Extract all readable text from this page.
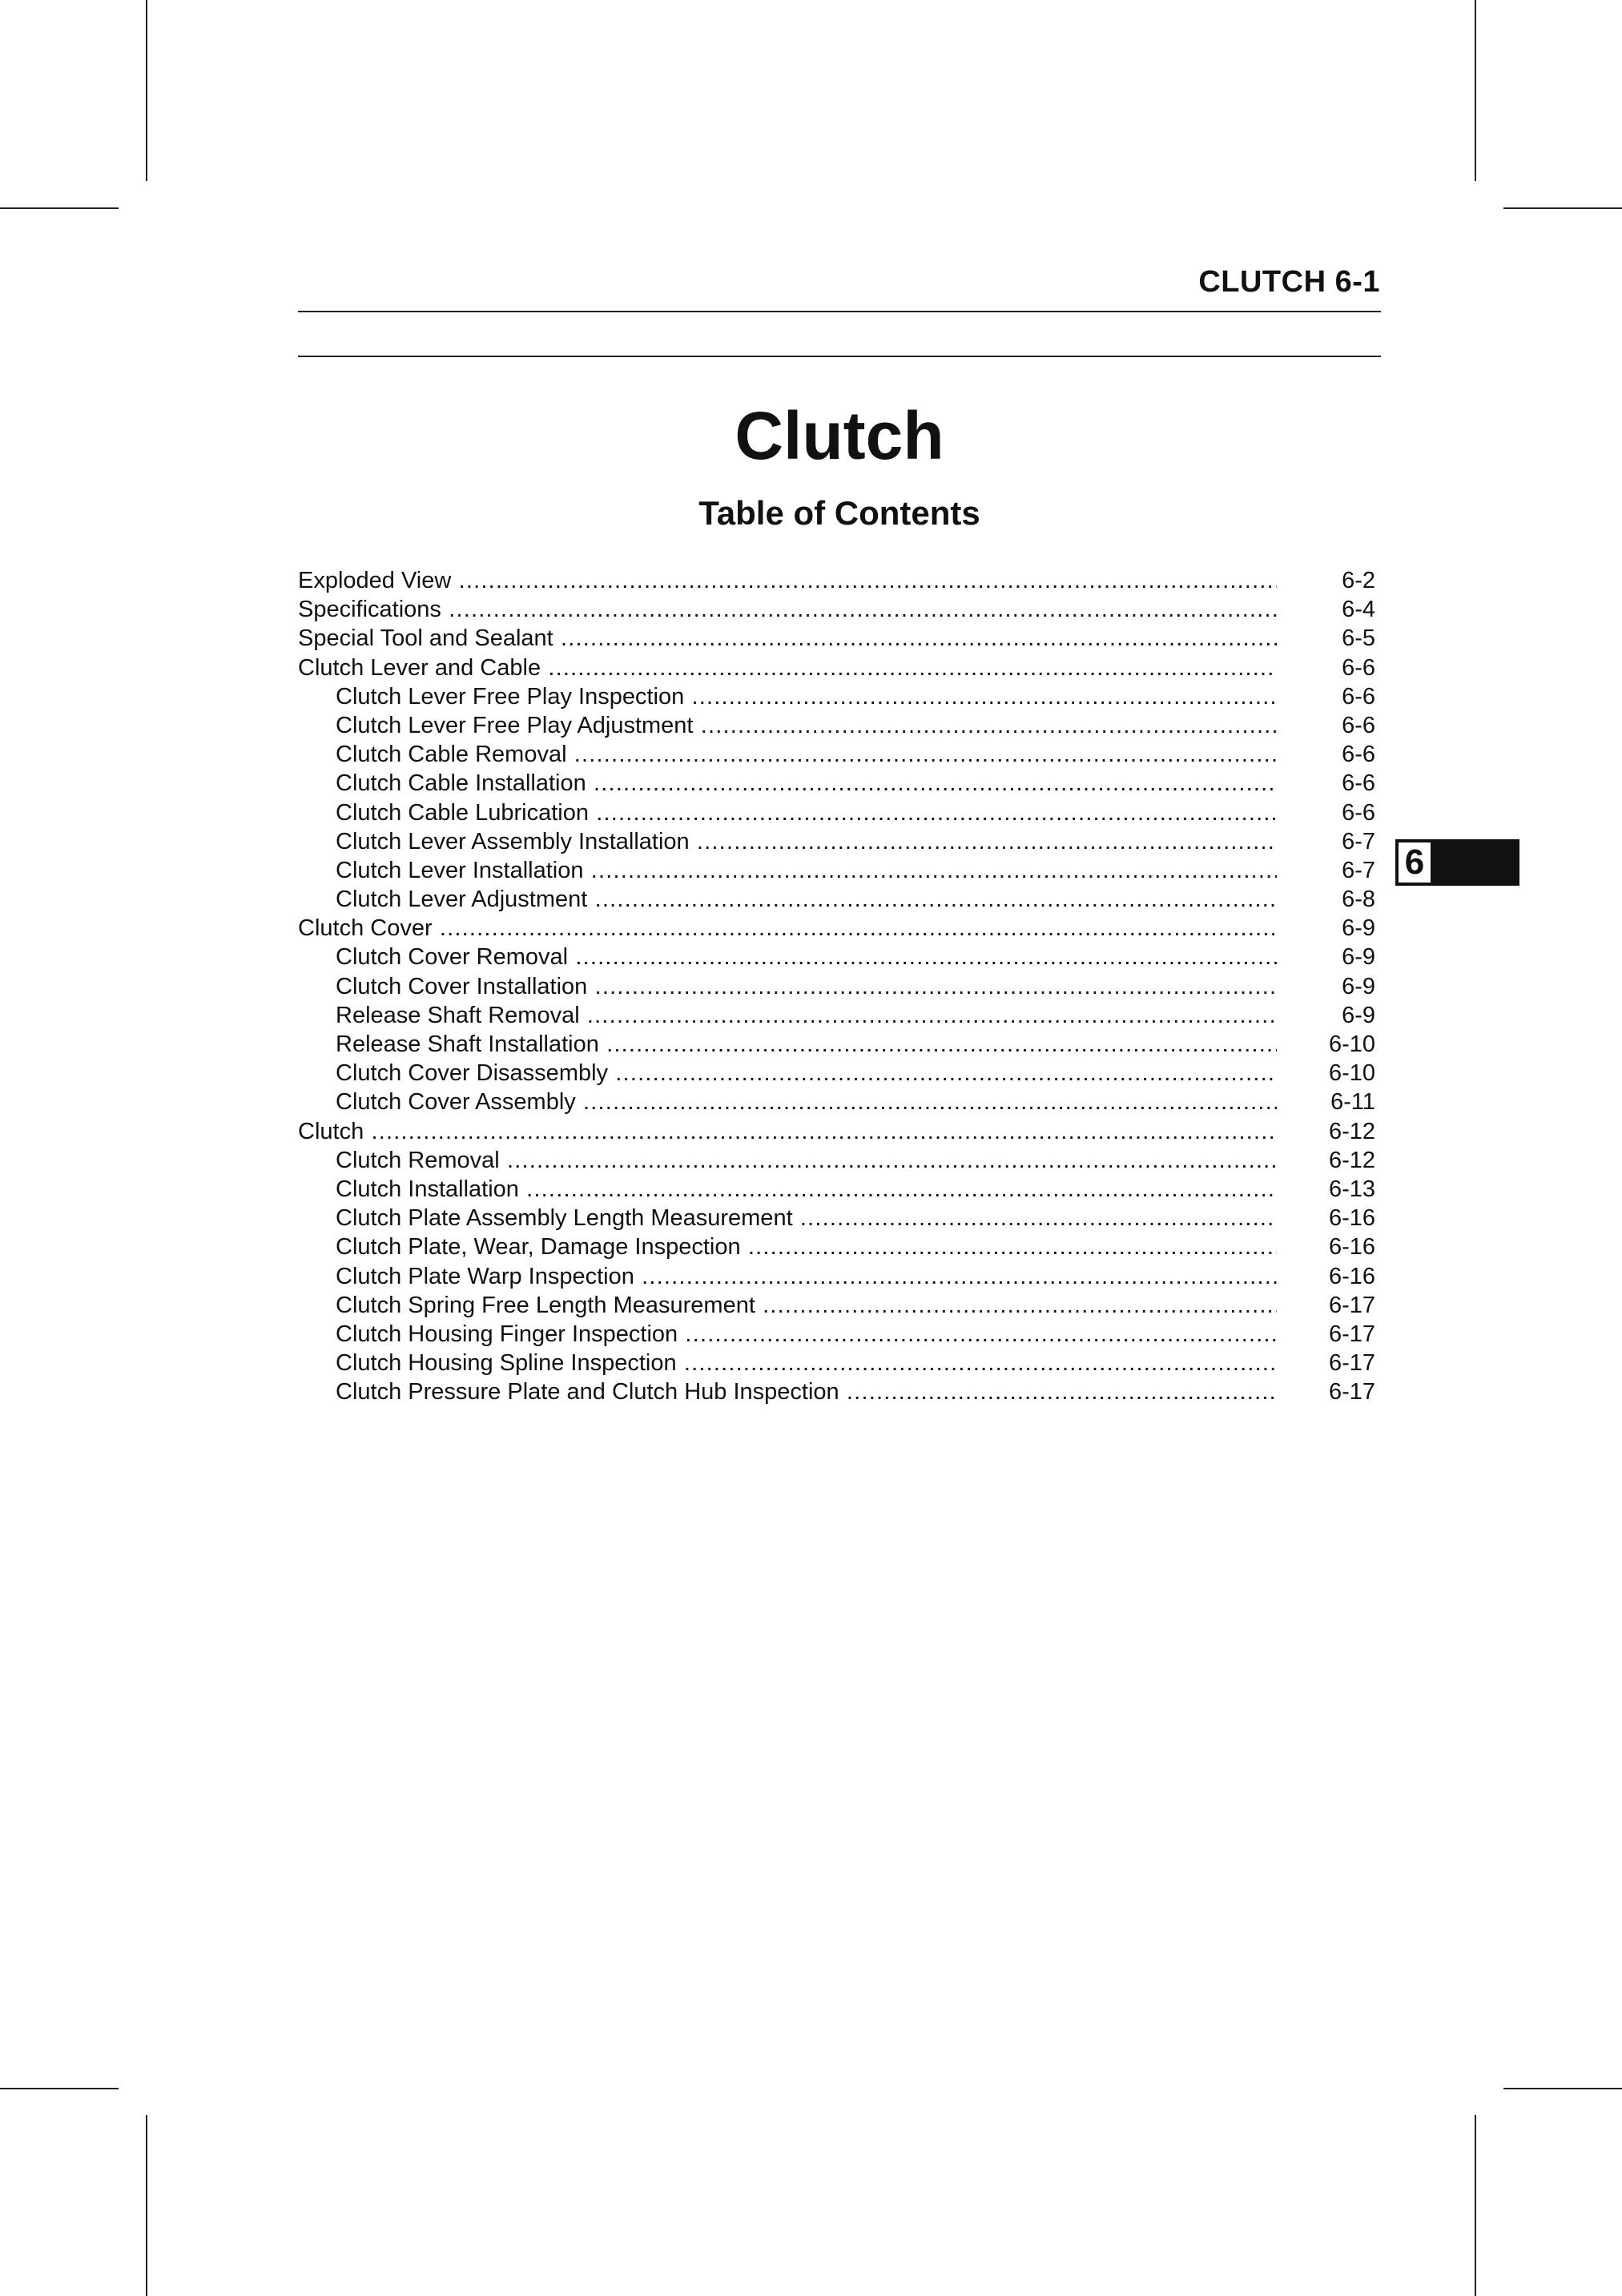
CLUTCH 6-1
Clutch
Table of Contents
Exploded View .....	6-2
Specifications .....	6-4
Special Tool and Sealant .....	6-5
Clutch Lever and Cable .....	6-6
Clutch Lever Free Play Inspection .....	6-6
Clutch Lever Free Play Adjustment .....	6-6
Clutch Cable Removal .....	6-6
Clutch Cable Installation .....	6-6
Clutch Cable Lubrication .....	6-6
Clutch Lever Assembly Installation .....	6-7
Clutch Lever Installation .....	6-7
Clutch Lever Adjustment .....	6-8
Clutch Cover .....	6-9
Clutch Cover Removal .....	6-9
Clutch Cover Installation .....	6-9
Release Shaft Removal .....	6-9
Release Shaft Installation .....	6-10
Clutch Cover Disassembly .....	6-10
Clutch Cover Assembly .....	6-11
Clutch .....	6-12
Clutch Removal .....	6-12
Clutch Installation .....	6-13
Clutch Plate Assembly Length Measurement .....	6-16
Clutch Plate, Wear, Damage Inspection .....	6-16
Clutch Plate Warp Inspection .....	6-16
Clutch Spring Free Length Measurement .....	6-17
Clutch Housing Finger Inspection .....	6-17
Clutch Housing Spline Inspection .....	6-17
Clutch Pressure Plate and Clutch Hub Inspection .....	6-17
6
